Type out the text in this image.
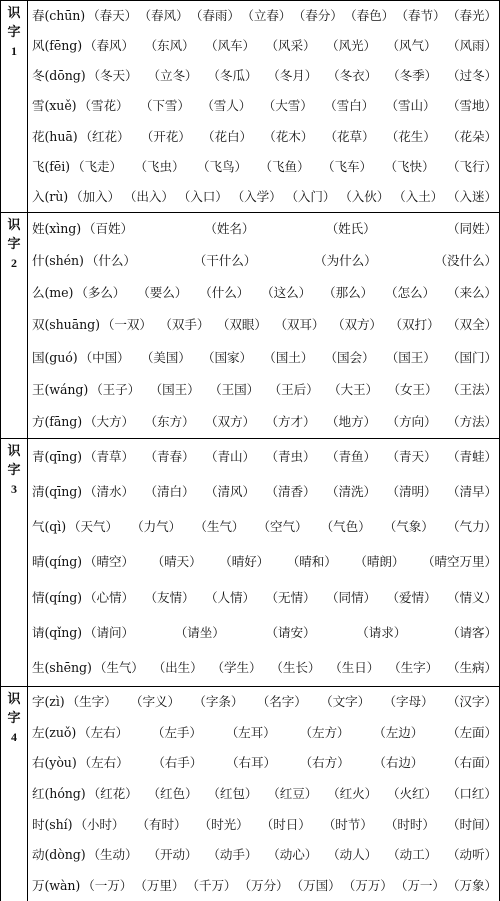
识
字
1
春(chūn) （春天） （春风） （春雨） （立春） （春分） （春色） （春节） （春光）
风(fēng) （春风） （东风） （风车） （风采） （风光） （风气） （风雨）
冬(dōng) （冬天） （立冬） （冬瓜） （冬月） （冬衣） （冬季） （过冬）
雪(xuě) （雪花） （下雪） （雪人） （大雪） （雪白） （雪山） （雪地）
花(huā) （红花） （开花） （花白） （花木） （花草） （花生） （花朵）
飞(fēi) （飞走） （飞虫） （飞鸟） （飞鱼） （飞车） （飞快） （飞行）
入(rù) （加入） （出入） （入口） （入学） （入门） （入伙） （入土） （入迷）
识
字
2
姓(xìng) （百姓）	（姓名）	（姓氏）	（同姓）
什(shén) （什么）	（干什么）	（为什么）	（没什么）
么(me) （多么） （要么） （什么） （这么） （那么） （怎么） （来么）
双(shuāng) （一双） （双手） （双眼） （双耳） （双方） （双打） （双全）
国(guó) （中国） （美国） （国家） （国土） （国会） （国王） （国门）
王(wáng) （王子） （国王） （王国） （王后） （大王） （女王） （王法）
方(fāng) （大方） （东方） （双方） （方才） （地方） （方向） （方法）
识
字
3
青(qīng) （青草） （青春） （青山） （青虫） （青鱼） （青天） （青蛙）
清(qīng) （清水） （清白） （清风） （清香） （清洗） （清明） （清早）
气(qì) （天气） （力气） （生气） （空气） （气色） （气象） （气力）
晴(qíng) （晴空） （晴天） （晴好） （晴和） （晴朗） （晴空万里）
情(qíng) （心情） （友情） （人情） （无情） （同情） （爱情） （情义）
请(qǐng) （请问）	（请坐）	（请安）	（请求）	（请客）
生(shēng) （生气） （出生） （学生） （生长） （生日） （生字） （生病）
识
字
4
字(zì) （生字） （字义） （字条） （名字） （文字） （字母） （汉字）
左(zuǒ) （左右） （左手） （左耳） （左方） （左边） （左面）
右(yòu) （左右） （右手） （右耳） （右方） （右边） （右面）
红(hóng) （红花） （红色） （红包） （红豆） （红火） （火红） （口红）
时(shí) （小时） （有时） （时光） （时日） （时节） （时时） （时间）
动(dòng) （生动） （开动） （动手） （动心） （动人） （动工） （动听）
万(wàn) （一万） （万里） （千万） （万分） （万国） （万万） （万一） （万象）
